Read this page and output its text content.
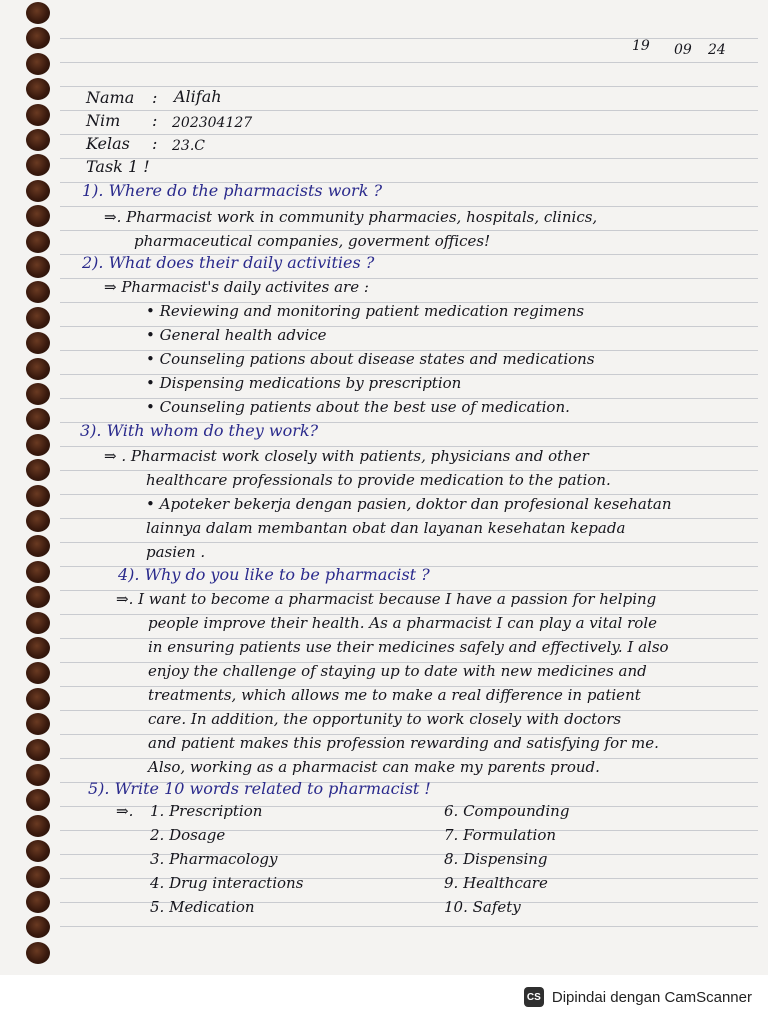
19 09 24
Nama : Alifah
Nim : 202304127
Kelas : 23.C
Task 1 !
1). Where do the pharmacists work ?
⇒. Pharmacist work in community pharmacies, hospitals, clinics,
pharmaceutical companies, goverment offices!
2). What does their daily activities ?
⇒ Pharmacist's daily activites are :
• Reviewing and monitoring patient medication regimens
• General health advice
• Counseling pations about disease states and medications
• Dispensing medications by prescription
• Counseling patients about the best use of medication.
3). With whom do they work?
⇒ . Pharmacist work closely with patients, physicians and other
healthcare professionals to provide medication to the pation.
• Apoteker bekerja dengan pasien, doktor dan profesional kesehatan
lainnya dalam membantan obat dan layanan kesehatan kepada
pasien .
4). Why do you like to be pharmacist ?
⇒. I want to become a pharmacist because I have a passion for helping
people improve their health. As a pharmacist I can play a vital role
in ensuring patients use their medicines safely and effectively. I also
enjoy the challenge of staying up to date with new medicines and
treatments, which allows me to make a real difference in patient
care. In addition, the opportunity to work closely with doctors
and patient makes this profession rewarding and satisfying for me.
Also, working as a pharmacist can make my parents proud.
5). Write 10 words related to pharmacist !
⇒. 1. Prescription
2. Dosage
3. Pharmacology
4. Drug interactions
5. Medication
6. Compounding
7. Formulation
8. Dispensing
9. Healthcare
10. Safety
CS Dipindai dengan CamScanner
